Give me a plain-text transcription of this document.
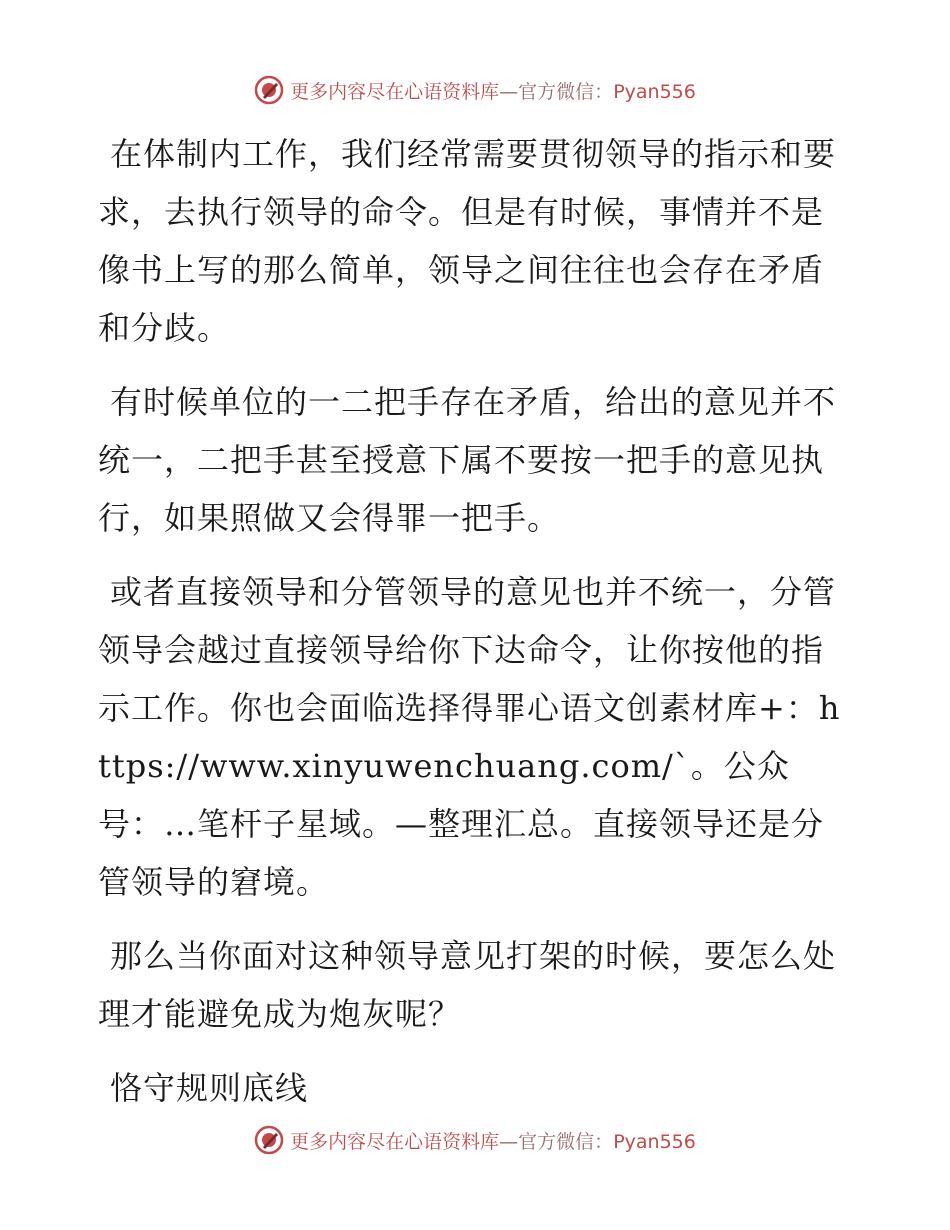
更多内容尽在心语资料库—官方微信：Pyan556

在体制内工作，我们经常需要贯彻领导的指示和要求，去执行领导的命令。但是有时候，事情并不是像书上写的那么简单，领导之间往往也会存在矛盾和分歧。

有时候单位的一二把手存在矛盾，给出的意见并不统一，二把手甚至授意下属不要按一把手的意见执行，如果照做又会得罪一把手。

或者直接领导和分管领导的意见也并不统一，分管领导会越过直接领导给你下达命令，让你按他的指示工作。你也会面临选择得罪心语文创素材库+：https://www.xinyuwenchuang.com/`。公众号：…笔杆子星域。—整理汇总。直接领导还是分管领导的窘境。

那么当你面对这种领导意见打架的时候，要怎么处理才能避免成为炮灰呢？

恪守规则底线

更多内容尽在心语资料库—官方微信：Pyan556
